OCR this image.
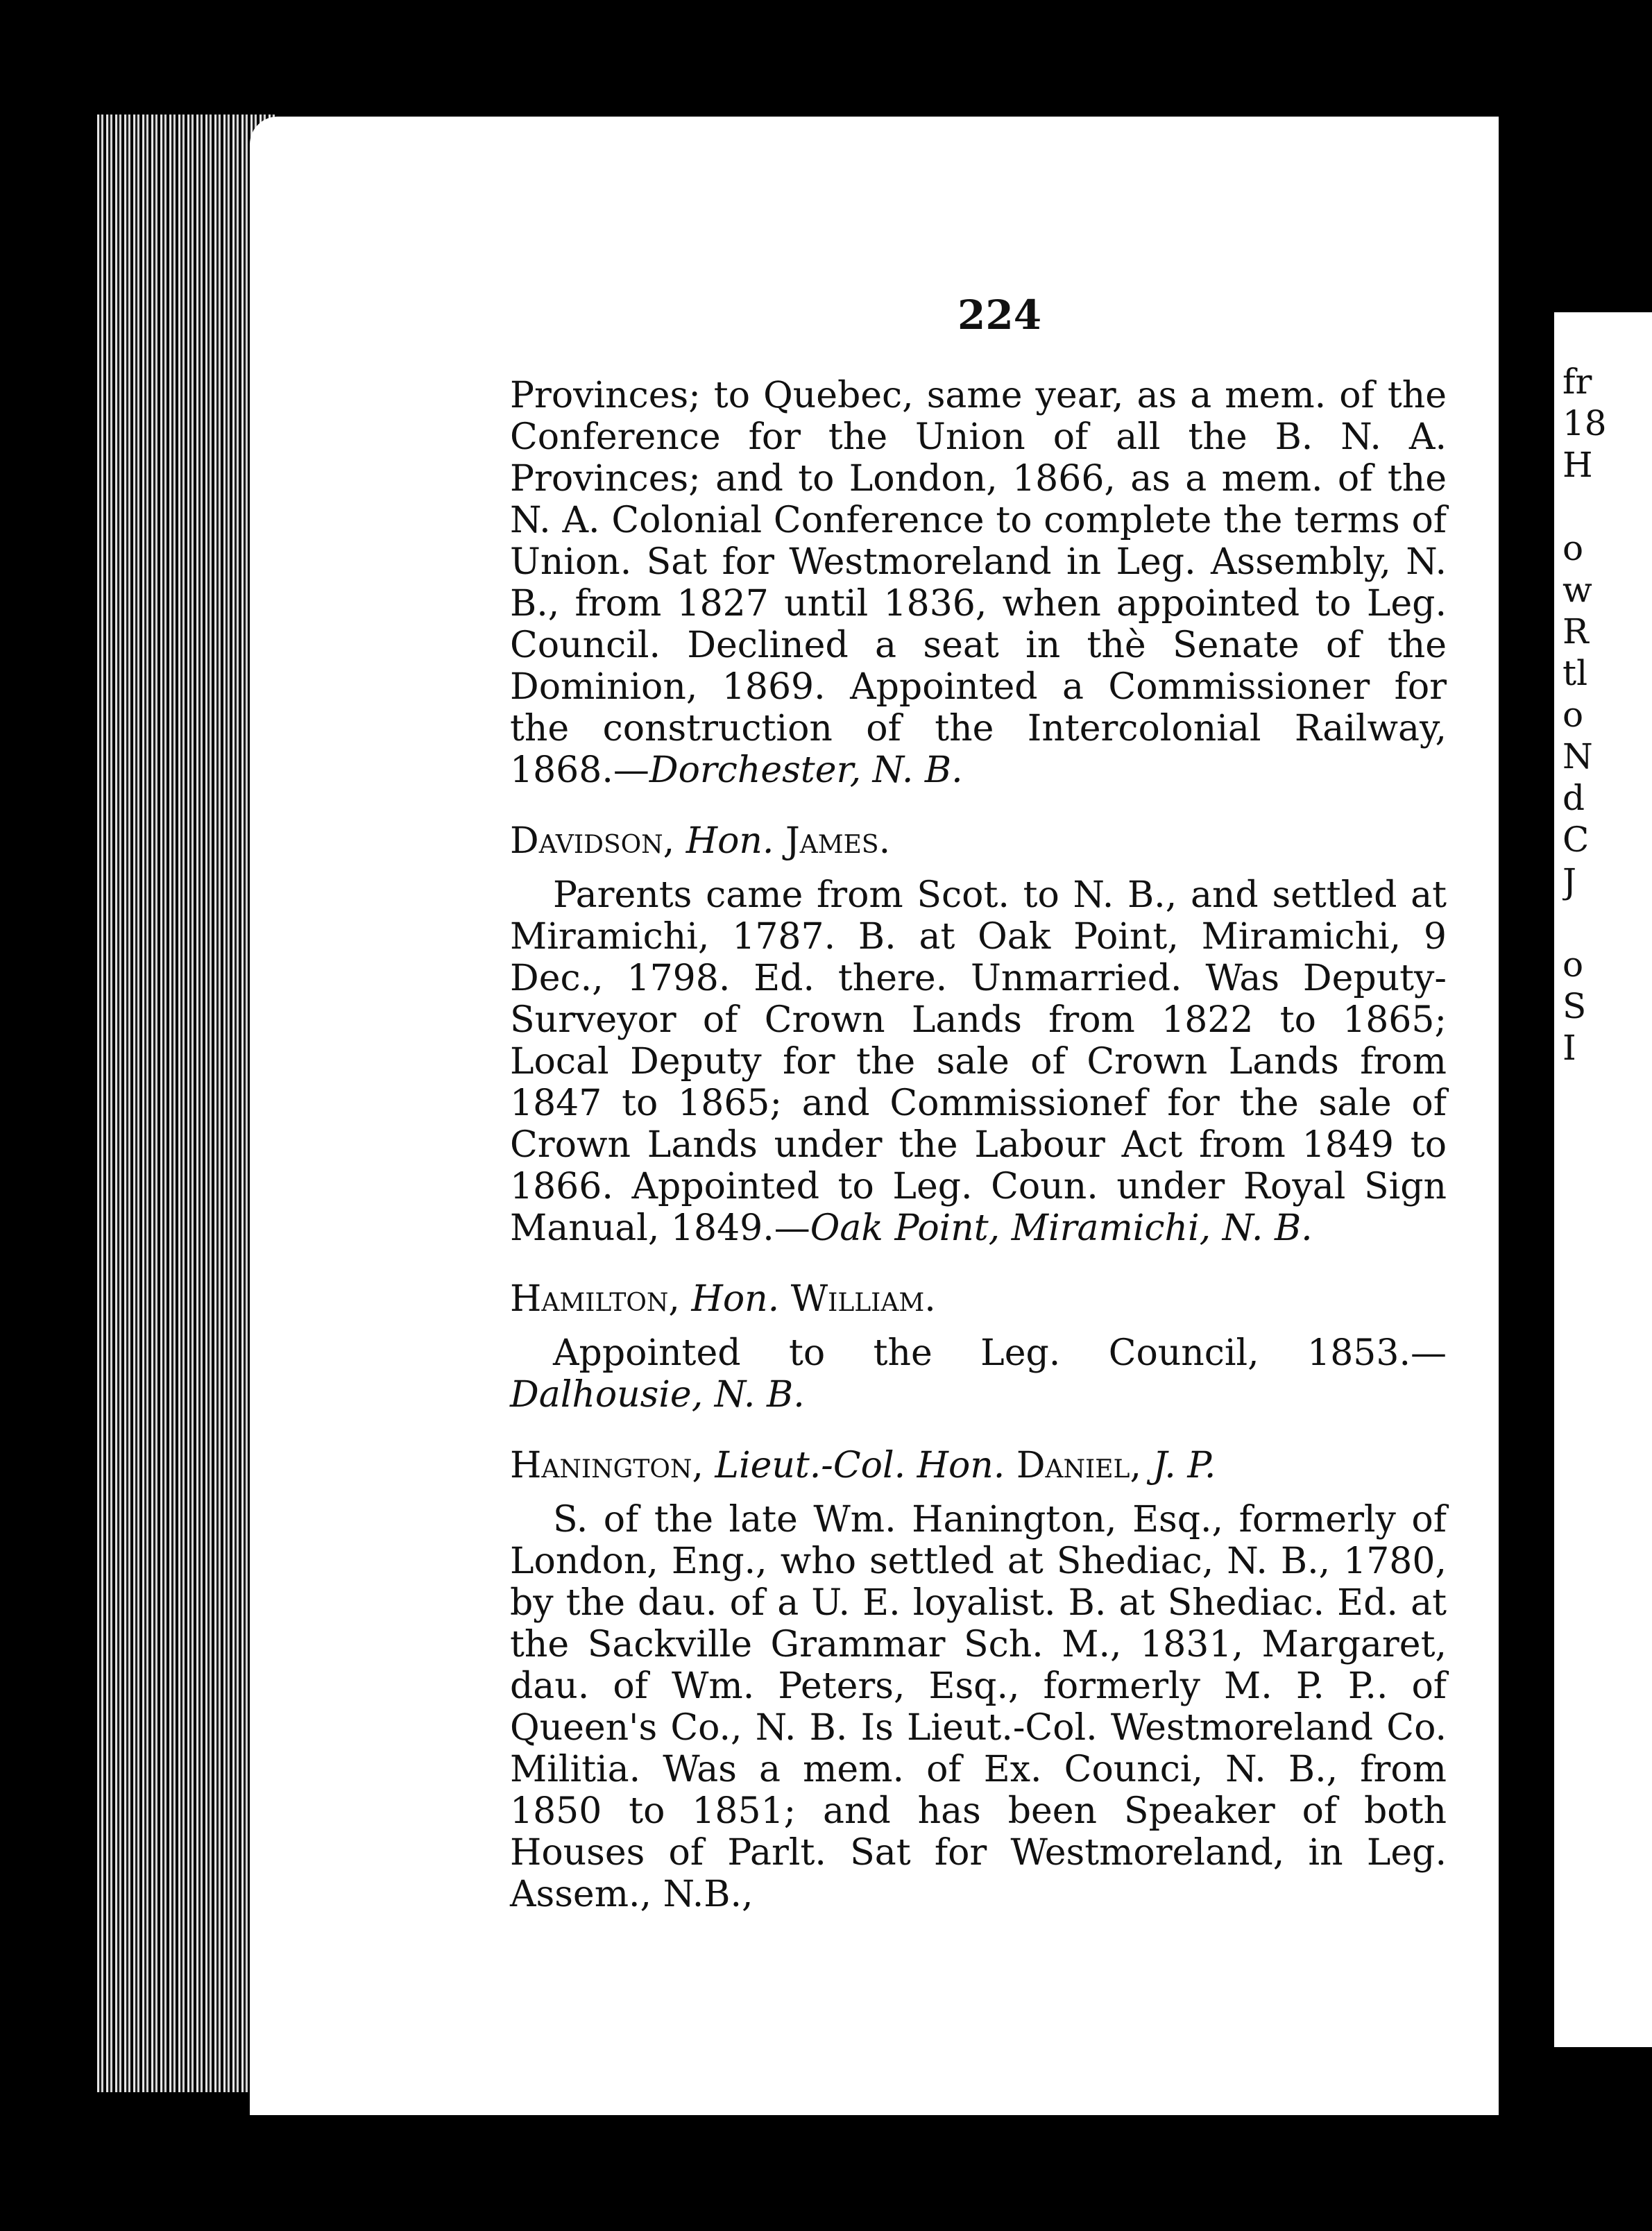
224

Provinces; to Quebec, same year, as a mem. of the Conference for the Union of all the B. N. A. Provinces; and to London, 1866, as a mem. of the N. A. Colonial Conference to complete the terms of Union. Sat for Westmoreland in Leg. Assembly, N. B., from 1827 until 1836, when appointed to Leg. Council. Declined a seat in thè Senate of the Dominion, 1869. Appointed a Commissioner for the construction of the Intercolonial Railway, 1868.—Dorchester, N. B.

Davidson, Hon. James.

Parents came from Scot. to N. B., and settled at Miramichi, 1787. B. at Oak Point, Miramichi, 9 Dec., 1798. Ed. there. Unmarried. Was Deputy-Surveyor of Crown Lands from 1822 to 1865; Local Deputy for the sale of Crown Lands from 1847 to 1865; and Commissionef for the sale of Crown Lands under the Labour Act from 1849 to 1866. Appointed to Leg. Coun. under Royal Sign Manual, 1849.—Oak Point, Miramichi, N. B.

Hamilton, Hon. William.

Appointed to the Leg. Council, 1853.—Dalhousie, N. B.

Hanington, Lieut.-Col. Hon. Daniel, J. P.

S. of the late Wm. Hanington, Esq., formerly of London, Eng., who settled at Shediac, N. B., 1780, by the dau. of a U. E. loyalist. B. at Shediac. Ed. at the Sackville Grammar Sch. M., 1831, Margaret, dau. of Wm. Peters, Esq., formerly M. P. P.. of Queen's Co., N. B. Is Lieut.-Col. Westmoreland Co. Militia. Was a mem. of Ex. Counci, N. B., from 1850 to 1851; and has been Speaker of both Houses of Parlt. Sat for Westmoreland, in Leg. Assem., N.B.,

fr
18
H
o
w
R
tl
o
N
d
C
J
o
S
I
